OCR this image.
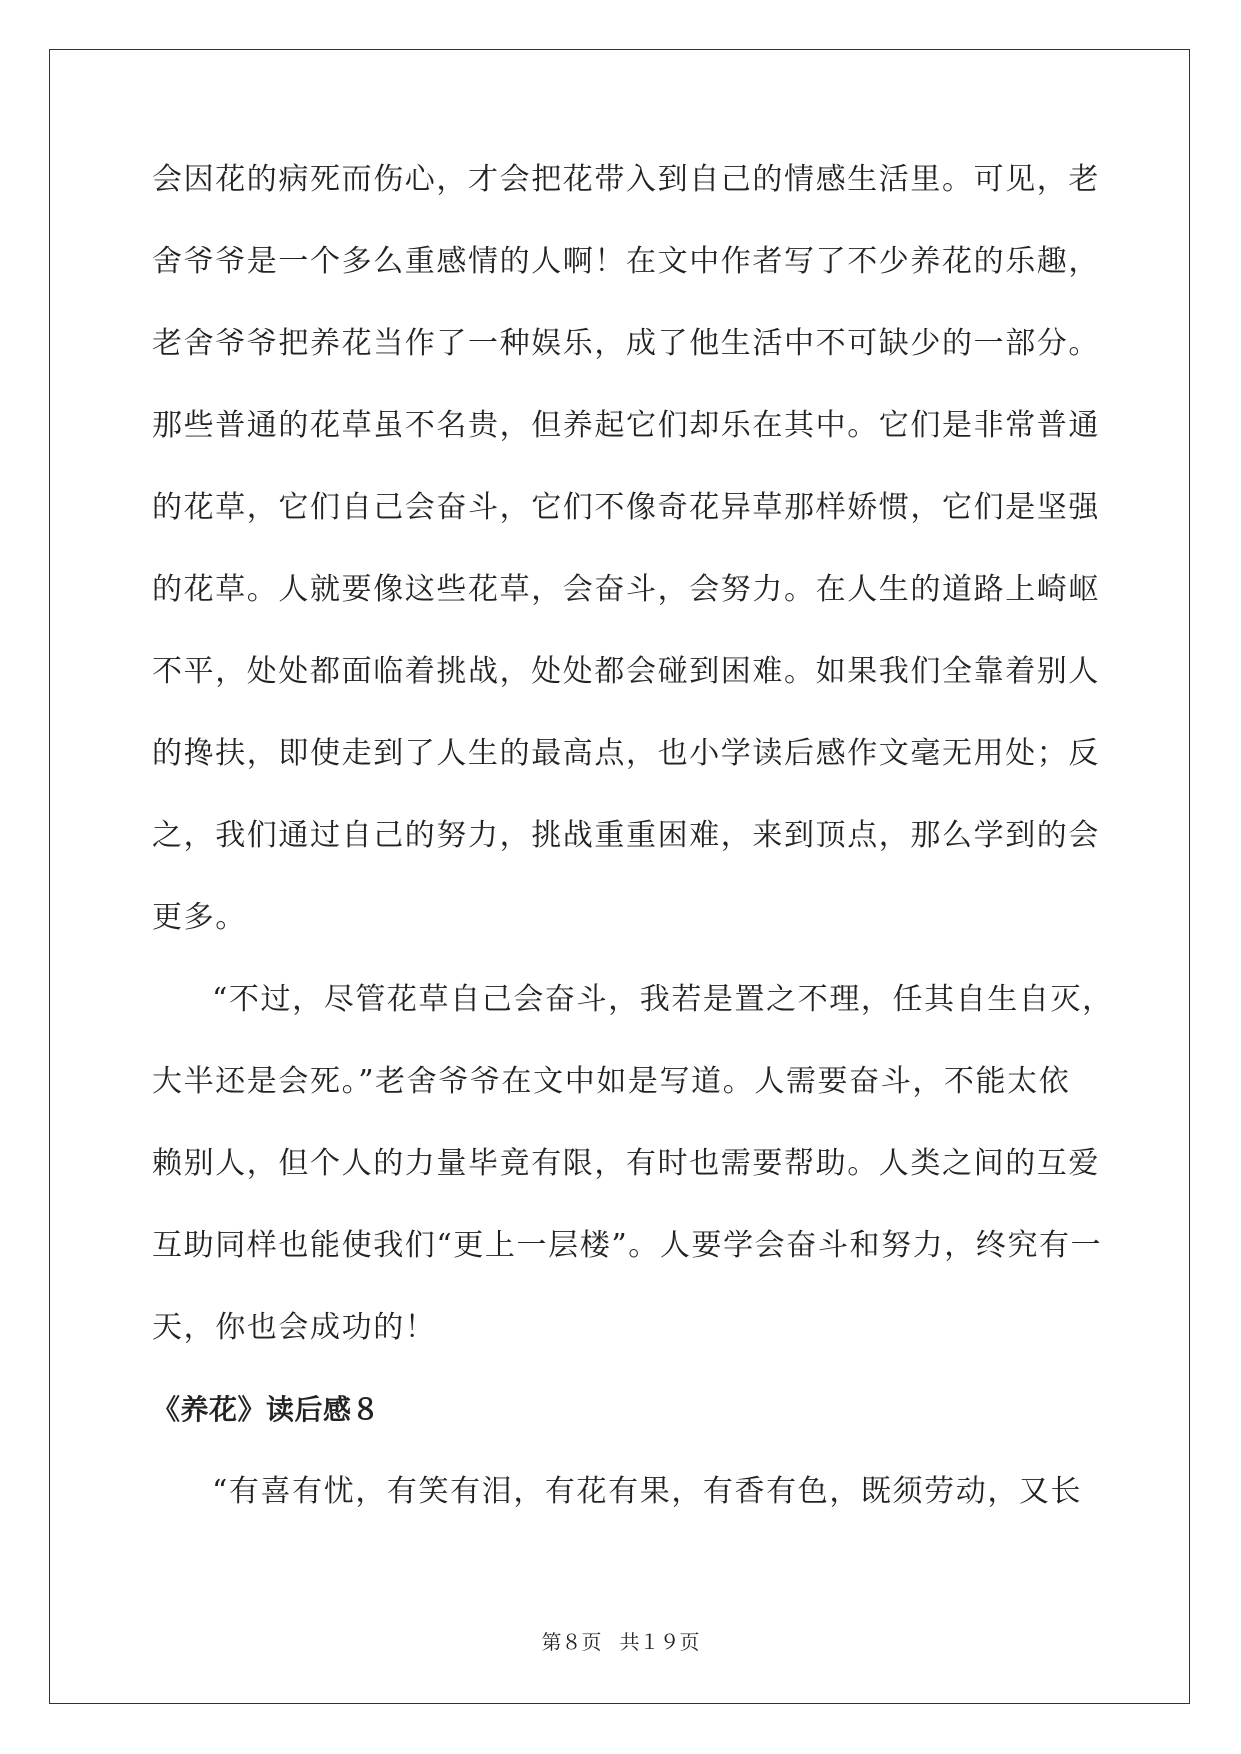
会因花的病死而伤心，才会把花带入到自己的情感生活里。可见，老

舍爷爷是一个多么重感情的人啊！在文中作者写了不少养花的乐趣，

老舍爷爷把养花当作了一种娱乐，成了他生活中不可缺少的一部分。

那些普通的花草虽不名贵，但养起它们却乐在其中。它们是非常普通

的花草，它们自己会奋斗，它们不像奇花异草那样娇惯，它们是坚强

的花草。人就要像这些花草，会奋斗，会努力。在人生的道路上崎岖

不平，处处都面临着挑战，处处都会碰到困难。如果我们全靠着别人

的搀扶，即使走到了人生的最高点，也小学读后感作文毫无用处；反

之，我们通过自己的努力，挑战重重困难，来到顶点，那么学到的会

更多。

“不过，尽管花草自己会奋斗，我若是置之不理，任其自生自灭，

大半还是会死。”老舍爷爷在文中如是写道。人需要奋斗，不能太依

赖别人，但个人的力量毕竟有限，有时也需要帮助。人类之间的互爱

互助同样也能使我们“更上一层楼”。人要学会奋斗和努力，终究有一

天，你也会成功的！

《养花》读后感８

“有喜有忧，有笑有泪，有花有果，有香有色，既须劳动，又长

第８页 共１９页
